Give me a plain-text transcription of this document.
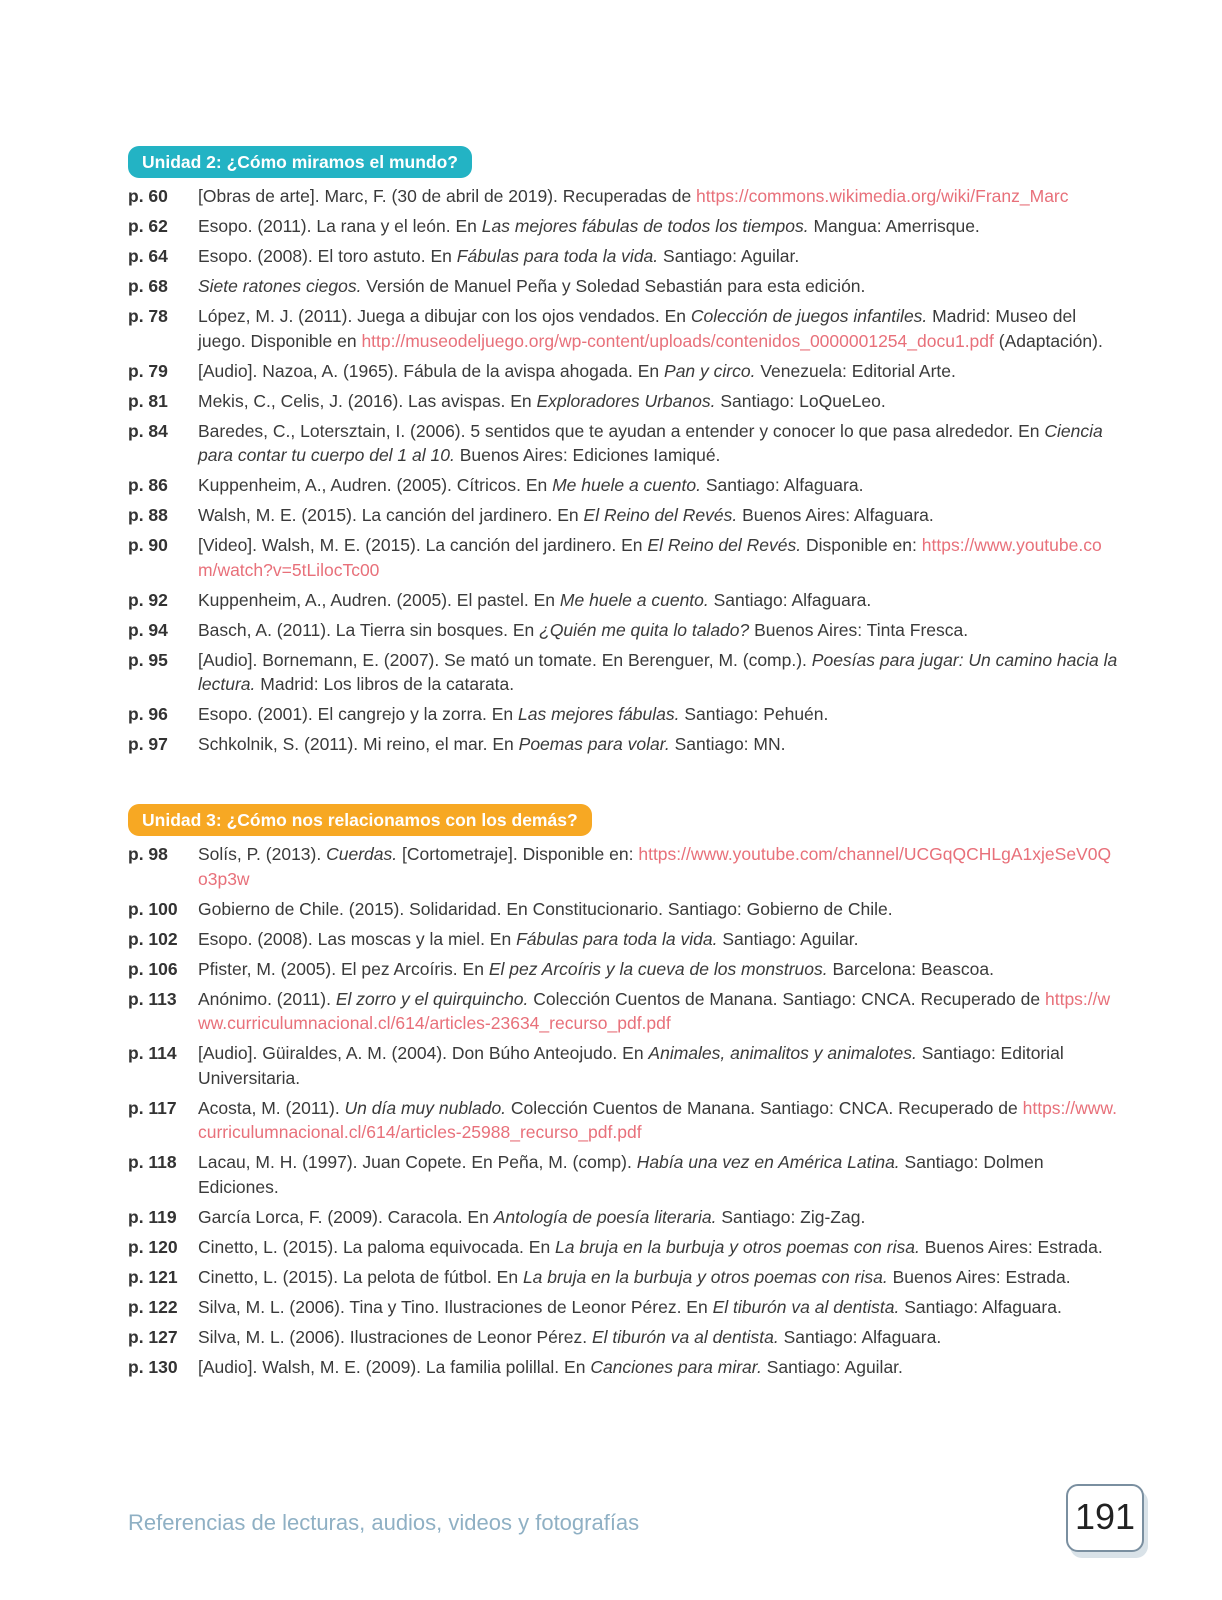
Unidad 2: ¿Cómo miramos el mundo?
p. 60	[Obras de arte]. Marc, F. (30 de abril de 2019). Recuperadas de https://commons.wikimedia.org/wiki/Franz_Marc
p. 62	Esopo. (2011). La rana y el león. En Las mejores fábulas de todos los tiempos. Mangua: Amerrisque.
p. 64	Esopo. (2008). El toro astuto. En Fábulas para toda la vida. Santiago: Aguilar.
p. 68	Siete ratones ciegos. Versión de Manuel Peña y Soledad Sebastián para esta edición.
p. 78	López, M. J. (2011). Juega a dibujar con los ojos vendados. En Colección de juegos infantiles. Madrid: Museo del juego. Disponible en http://museodeljuego.org/wp-content/uploads/contenidos_0000001254_docu1.pdf (Adaptación).
p. 79	[Audio]. Nazoa, A. (1965). Fábula de la avispa ahogada. En Pan y circo. Venezuela: Editorial Arte.
p. 81	Mekis, C., Celis, J. (2016). Las avispas. En Exploradores Urbanos. Santiago: LoQueLeo.
p. 84	Baredes, C., Lotersztain, I. (2006). 5 sentidos que te ayudan a entender y conocer lo que pasa alrededor. En Ciencia para contar tu cuerpo del 1 al 10. Buenos Aires: Ediciones Iamiqué.
p. 86	Kuppenheim, A., Audren. (2005). Cítricos. En Me huele a cuento. Santiago: Alfaguara.
p. 88	Walsh, M. E. (2015). La canción del jardinero. En El Reino del Revés. Buenos Aires: Alfaguara.
p. 90	[Video]. Walsh, M. E. (2015). La canción del jardinero. En El Reino del Revés. Disponible en: https://www.youtube.com/watch?v=5tLilocTc00
p. 92	Kuppenheim, A., Audren. (2005). El pastel. En Me huele a cuento. Santiago: Alfaguara.
p. 94	Basch, A. (2011). La Tierra sin bosques. En ¿Quién me quita lo talado? Buenos Aires: Tinta Fresca.
p. 95	[Audio]. Bornemann, E. (2007). Se mató un tomate. En Berenguer, M. (comp.). Poesías para jugar: Un camino hacia la lectura. Madrid: Los libros de la catarata.
p. 96	Esopo. (2001). El cangrejo y la zorra. En Las mejores fábulas. Santiago: Pehuén.
p. 97	Schkolnik, S. (2011). Mi reino, el mar. En Poemas para volar. Santiago: MN.
Unidad 3: ¿Cómo nos relacionamos con los demás?
p. 98	Solís, P. (2013). Cuerdas. [Cortometraje]. Disponible en: https://www.youtube.com/channel/UCGqQCHLgA1xjeSeV0Qo3p3w
p. 100	Gobierno de Chile. (2015). Solidaridad. En Constitucionario. Santiago: Gobierno de Chile.
p. 102	Esopo. (2008). Las moscas y la miel. En Fábulas para toda la vida. Santiago: Aguilar.
p. 106	Pfister, M. (2005). El pez Arcoíris. En El pez Arcoíris y la cueva de los monstruos. Barcelona: Beascoa.
p. 113	Anónimo. (2011). El zorro y el quirquincho. Colección Cuentos de Manana. Santiago: CNCA. Recuperado de https://www.curriculumnacional.cl/614/articles-23634_recurso_pdf.pdf
p. 114	[Audio]. Güiraldes, A. M. (2004). Don Búho Anteojudo. En Animales, animalitos y animalotes. Santiago: Editorial Universitaria.
p. 117	Acosta, M. (2011). Un día muy nublado. Colección Cuentos de Manana. Santiago: CNCA. Recuperado de https://www.curriculumnacional.cl/614/articles-25988_recurso_pdf.pdf
p. 118	Lacau, M. H. (1997). Juan Copete. En Peña, M. (comp). Había una vez en América Latina. Santiago: Dolmen Ediciones.
p. 119	García Lorca, F. (2009). Caracola. En Antología de poesía literaria. Santiago: Zig-Zag.
p. 120	Cinetto, L. (2015). La paloma equivocada. En La bruja en la burbuja y otros poemas con risa. Buenos Aires: Estrada.
p. 121	Cinetto, L. (2015). La pelota de fútbol. En La bruja en la burbuja y otros poemas con risa. Buenos Aires: Estrada.
p. 122	Silva, M. L. (2006). Tina y Tino. Ilustraciones de Leonor Pérez. En El tiburón va al dentista. Santiago: Alfaguara.
p. 127	Silva, M. L. (2006). Ilustraciones de Leonor Pérez. El tiburón va al dentista. Santiago: Alfaguara.
p. 130	[Audio]. Walsh, M. E. (2009). La familia polillal. En Canciones para mirar. Santiago: Aguilar.
Referencias de lecturas, audios, videos y fotografías	191
